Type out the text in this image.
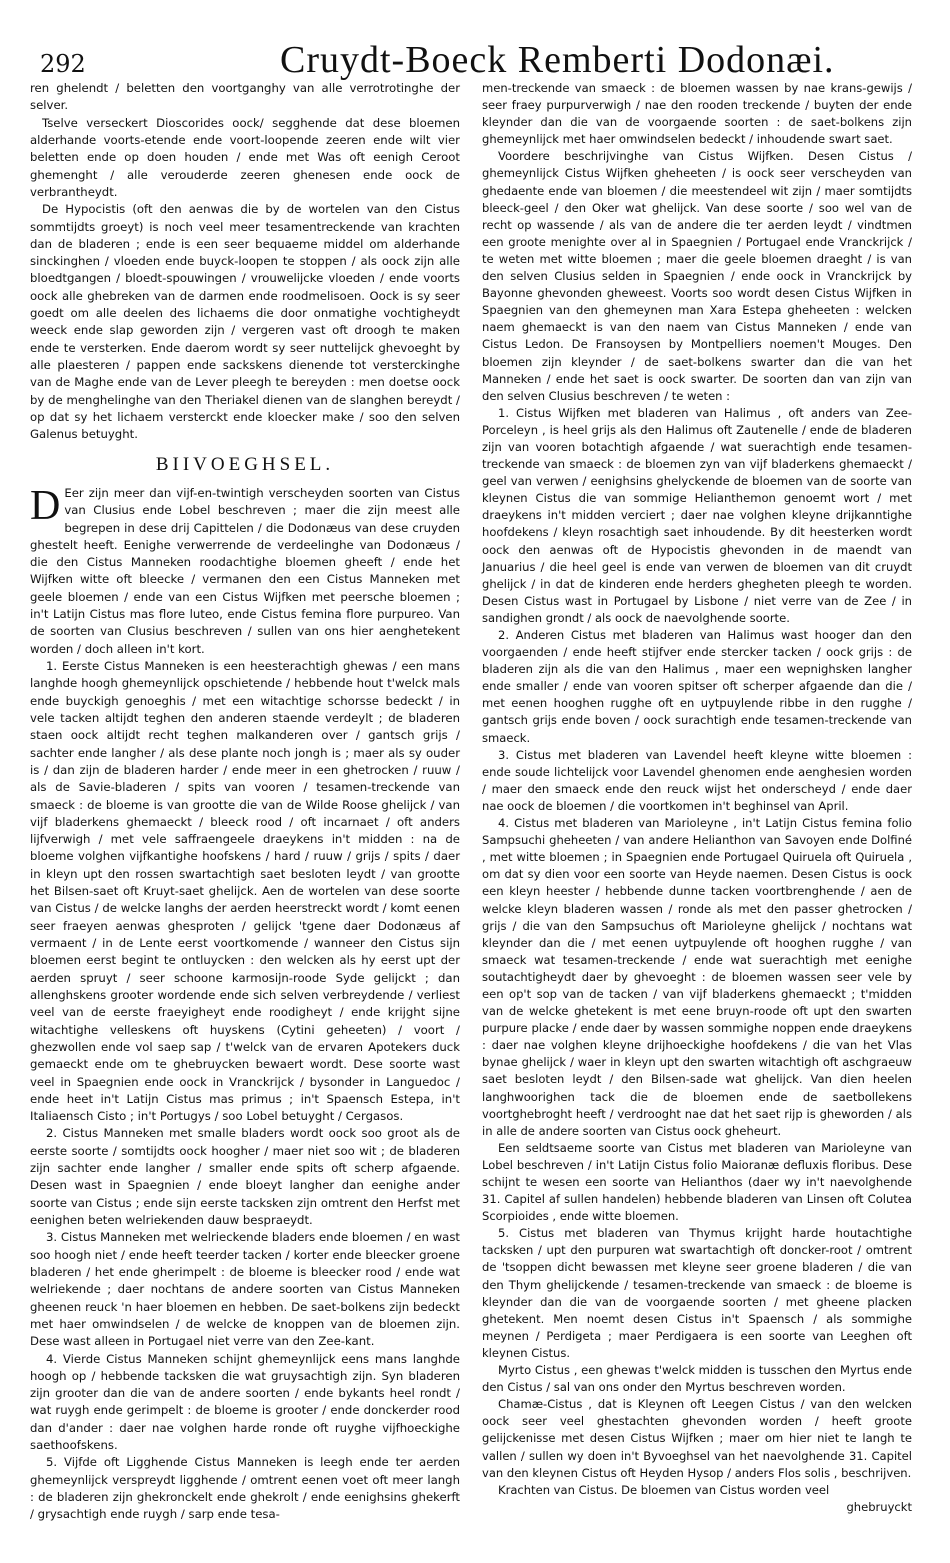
292	Cruydt-Boeck Remberti Dodonæi.

ren ghelendt / beletten den voortganghy van alle verrotrotinghe der selver.

Tselve verseckert Dioscorides oock/ segghende dat dese bloemen alderhande voorts-etende ende voort-loopende zeeren ende wilt vier beletten ende op doen houden / ende met Was oft eenigh Ceroot ghemenght / alle verouderde zeeren ghenesen ende oock de verbrantheydt.

De Hypocistis (oft den aenwas die by de wortelen van den Cistus sommtijdts groeyt) is noch veel meer tesamentreckende van krachten dan de bladeren ; ende is een seer bequaeme middel om alderhande sinckinghen / vloeden ende buyck-loopen te stoppen / als oock zijn alle bloedtgangen / bloedt-spouwingen / vrouwelijcke vloeden / ende voorts oock alle ghebreken van de darmen ende roodmelisoen. Oock is sy seer goedt om alle deelen des lichaems die door onmatighe vochtigheydt weeck ende slap geworden zijn / vergeren vast oft droogh te maken ende te versterken. Ende daerom wordt sy seer nuttelijck ghevoeght by alle plaesteren / pappen ende sackskens dienende tot versterckinghe van de Maghe ende van de Lever pleegh te bereyden : men doetse oock by de menghelinghe van den Theriakel dienen van de slanghen bereydt / op dat sy het lichaem versterckt ende kloecker make / soo den selven Galenus betuyght.

BIIVOEGHSEL.

D Eer zijn meer dan vijf-en-twintigh verscheyden soorten van Cistus van Clusius ende Lobel beschreven ; maer die zijn meest alle begrepen in dese drij Capittelen / die Dodonæus van dese cruyden ghestelt heeft. Eenighe verwerrende de verdeelinghe van Dodonæus / die den Cistus Manneken roodachtighe bloemen gheeft / ende het Wijfken witte oft bleecke / vermanen den een Cistus Manneken met geele bloemen / ende van een Cistus Wijfken met peersche bloemen ; in't Latijn Cistus mas flore luteo, ende Cistus femina flore purpureo. Van de soorten van Clusius beschreven / sullen van ons hier aenghetekent worden / doch alleen in't kort.

1. Eerste Cistus Manneken is een heesterachtigh ghewas / een mans langhde hoogh ghemeynlijck opschietende / hebbende hout t'welck mals ende buyckigh genoeghis / met een witachtige schorsse bedeckt / in vele tacken altijdt teghen den anderen staende verdeylt ; de bladeren staen oock altijdt recht teghen malkanderen over / gantsch grijs / sachter ende langher / als dese plante noch jongh is ; maer als sy ouder is / dan zijn de bladeren harder / ende meer in een ghetrocken / ruuw / als de Savie-bladeren / spits van vooren / tesamen-treckende van smaeck : de bloeme is van grootte die van de Wilde Roose ghelijck / van vijf bladerkens ghemaeckt / bleeck rood / oft incarnaet / oft anders lijfverwigh / met vele saffraengeele draeykens in't midden : na de bloeme volghen vijfkantighe hoofskens / hard / ruuw / grijs / spits / daer in kleyn upt den rossen swartachtigh saet besloten leydt / van grootte het Bilsen-saet oft Kruyt-saet ghelijck. Aen de wortelen van dese soorte van Cistus / de welcke langhs der aerden heerstreckt wordt / komt eenen seer fraeyen aenwas ghesproten / gelijck 'tgene daer Dodonæus af vermaent / in de Lente eerst voortkomende / wanneer den Cistus sijn bloemen eerst begint te ontluycken : den welcken als hy eerst upt der aerden spruyt / seer schoone karmosijn-roode Syde gelijckt ; dan allenghskens grooter wordende ende sich selven verbreydende / verliest veel van de eerste fraeyigheyt ende roodigheyt / ende krijght sijne witachtighe velleskens oft huyskens (Cytini geheeten) / voort / ghezwollen ende vol saep sap / t'welck van de ervaren Apotekers duck gemaeckt ende om te ghebruycken bewaert wordt. Dese soorte wast veel in Spaegnien ende oock in Vranckrijck / bysonder in Languedoc / ende heet in't Latijn Cistus mas primus ; in't Spaensch Estepa, in't Italiaensch Cisto ; in't Portugys / soo Lobel betuyght / Cergasos.

2. Cistus Manneken met smalle bladers wordt oock soo groot als de eerste soorte / somtijdts oock hoogher / maer niet soo wit ; de bladeren zijn sachter ende langher / smaller ende spits oft scherp afgaende. Desen wast in Spaegnien / ende bloeyt langher dan eenighe ander soorte van Cistus ; ende sijn eerste tacksken zijn omtrent den Herfst met eenighen beten welriekenden dauw bespraeydt.

3. Cistus Manneken met welrieckende bladers ende bloemen / en wast soo hoogh niet / ende heeft teerder tacken / korter ende bleecker groene bladeren / het ende gherimpelt : de bloeme is bleecker rood / ende wat welriekende ; daer nochtans de andere soorten van Cistus Manneken gheenen reuck 'n haer bloemen en hebben. De saet-bolkens zijn bedeckt met haer omwindselen / de welcke de knoppen van de bloemen zijn. Dese wast alleen in Portugael niet verre van den Zee-kant.

4. Vierde Cistus Manneken schijnt ghemeynlijck eens mans langhde hoogh op / hebbende tacksken die wat gruysachtigh zijn. Syn bladeren zijn grooter dan die van de andere soorten / ende bykants heel rondt / wat ruygh ende gerimpelt : de bloeme is grooter / ende donckerder rood dan d'ander : daer nae volghen harde ronde oft ruyghe vijfhoeckighe saethoofskens.

5. Vijfde oft Ligghende Cistus Manneken is leegh ende ter aerden ghemeynlijck verspreydt ligghende / omtrent eenen voet oft meer langh : de bladeren zijn ghekronckelt ende ghekrolt / ende eenighsins ghekerft / grysachtigh ende ruygh / sarp ende tesa-

men-treckende van smaeck : de bloemen wassen by nae krans-gewijs / seer fraey purpurverwigh / nae den rooden treckende / buyten der ende kleynder dan die van de voorgaende soorten : de saet-bolkens zijn ghemeynlijck met haer omwindselen bedeckt / inhoudende swart saet.

Voordere beschrijvinghe van Cistus Wijfken. Desen Cistus / ghemeynlijck Cistus Wijfken gheheeten / is oock seer verscheyden van ghedaente ende van bloemen / die meestendeel wit zijn / maer somtijdts bleeck-geel / den Oker wat ghelijck. Van dese soorte / soo wel van de recht op wassende / als van de andere die ter aerden leydt / vindtmen een groote menighte over al in Spaegnien / Portugael ende Vranckrijck / te weten met witte bloemen ; maer die geele bloemen draeght / is van den selven Clusius selden in Spaegnien / ende oock in Vranckrijck by Bayonne ghevonden gheweest. Voorts soo wordt desen Cistus Wijfken in Spaegnien van den ghemeynen man Xara Estepa gheheeten : welcken naem ghemaeckt is van den naem van Cistus Manneken / ende van Cistus Ledon. De Fransoysen by Montpelliers noemen't Mouges. Den bloemen zijn kleynder / de saet-bolkens swarter dan die van het Manneken / ende het saet is oock swarter. De soorten dan van zijn van den selven Clusius beschreven / te weten :

1. Cistus Wijfken met bladeren van Halimus , oft anders van Zee-Porceleyn , is heel grijs als den Halimus oft Zautenelle / ende de bladeren zijn van vooren botachtigh afgaende / wat suerachtigh ende tesamen-treckende van smaeck : de bloemen zyn van vijf bladerkens ghemaeckt / geel van verwen / eenighsins ghelyckende de bloemen van de soorte van kleynen Cistus die van sommige Helianthemon genoemt wort / met draeykens in't midden verciert ; daer nae volghen kleyne drijkanntighe hoofdekens / kleyn rosachtigh saet inhoudende. By dit heesterken wordt oock den aenwas oft de Hypocistis ghevonden in de maendt van Januarius / die heel geel is ende van verwen de bloemen van dit cruydt ghelijck / in dat de kinderen ende herders ghegheten pleegh te worden. Desen Cistus wast in Portugael by Lisbone / niet verre van de Zee / in sandighen grondt / als oock de naevolghende soorte.

2. Anderen Cistus met bladeren van Halimus wast hooger dan den voorgaenden / ende heeft stijfver ende stercker tacken / oock grijs : de bladeren zijn als die van den Halimus , maer een wepnighsken langher ende smaller / ende van vooren spitser oft scherper afgaende dan die / met eenen hooghen rugghe oft en uytpuylende ribbe in den rugghe / gantsch grijs ende boven / oock surachtigh ende tesamen-treckende van smaeck.

3. Cistus met bladeren van Lavendel heeft kleyne witte bloemen : ende soude lichtelijck voor Lavendel ghenomen ende aenghesien worden / maer den smaeck ende den reuck wijst het onderscheyd / ende daer nae oock de bloemen / die voortkomen in't beghinsel van April.

4. Cistus met bladeren van Marioleyne , in't Latijn Cistus femina folio Sampsuchi gheheeten / van andere Helianthon van Savoyen ende Dolfiné , met witte bloemen ; in Spaegnien ende Portugael Quiruela oft Quiruela , om dat sy dien voor een soorte van Heyde naemen. Desen Cistus is oock een kleyn heester / hebbende dunne tacken voortbrenghende / aen de welcke kleyn bladeren wassen / ronde als met den passer ghetrocken / grijs / die van den Sampsuchus oft Marioleyne ghelijck / nochtans wat kleynder dan die / met eenen uytpuylende oft hooghen rugghe / van smaeck wat tesamen-treckende / ende wat suerachtigh met eenighe soutachtigheydt daer by ghevoeght : de bloemen wassen seer vele by een op't sop van de tacken / van vijf bladerkens ghemaeckt ; t'midden van de welcke ghetekent is met eene bruyn-roode oft upt den swarten purpure placke / ende daer by wassen sommighe noppen ende draeykens : daer nae volghen kleyne drijhoeckighe hoofdekens / die van het Vlas bynae ghelijck / waer in kleyn upt den swarten witachtigh oft aschgraeuw saet besloten leydt / den Bilsen-sade wat ghelijck. Van dien heelen langhwoorighen tack die de bloemen ende de saetbollekens voortghebroght heeft / verdrooght nae dat het saet rijp is gheworden / als in alle de andere soorten van Cistus oock gheheurt.

Een seldtsaeme soorte van Cistus met bladeren van Marioleyne van Lobel beschreven / in't Latijn Cistus folio Maioranæ defluxis floribus. Dese schijnt te wesen een soorte van Helianthos (daer wy in't naevolghende 31. Capitel af sullen handelen) hebbende bladeren van Linsen oft Colutea Scorpioides , ende witte bloemen.

5. Cistus met bladeren van Thymus krijght harde houtachtighe tacksken / upt den purpuren wat swartachtigh oft doncker-root / omtrent de 'tsoppen dicht bewassen met kleyne seer groene bladeren / die van den Thym ghelijckende / tesamen-treckende van smaeck : de bloeme is kleynder dan die van de voorgaende soorten / met gheene placken ghetekent. Men noemt desen Cistus in't Spaensch / als sommighe meynen / Perdigeta ; maer Perdigaera is een soorte van Leeghen oft kleynen Cistus.

Myrto Cistus , een ghewas t'welck midden is tusschen den Myrtus ende den Cistus / sal van ons onder den Myrtus beschreven worden.

Chamæ-Cistus , dat is Kleynen oft Leegen Cistus / van den welcken oock seer veel ghestachten ghevonden worden / heeft groote gelijckenisse met desen Cistus Wijfken ; maer om hier niet te langh te vallen / sullen wy doen in't Byvoeghsel van het naevolghende 31. Capitel van den kleynen Cistus oft Heyden Hysop / anders Flos solis , beschrijven.

Krachten van Cistus. De bloemen van Cistus worden veel

ghebruyckt
